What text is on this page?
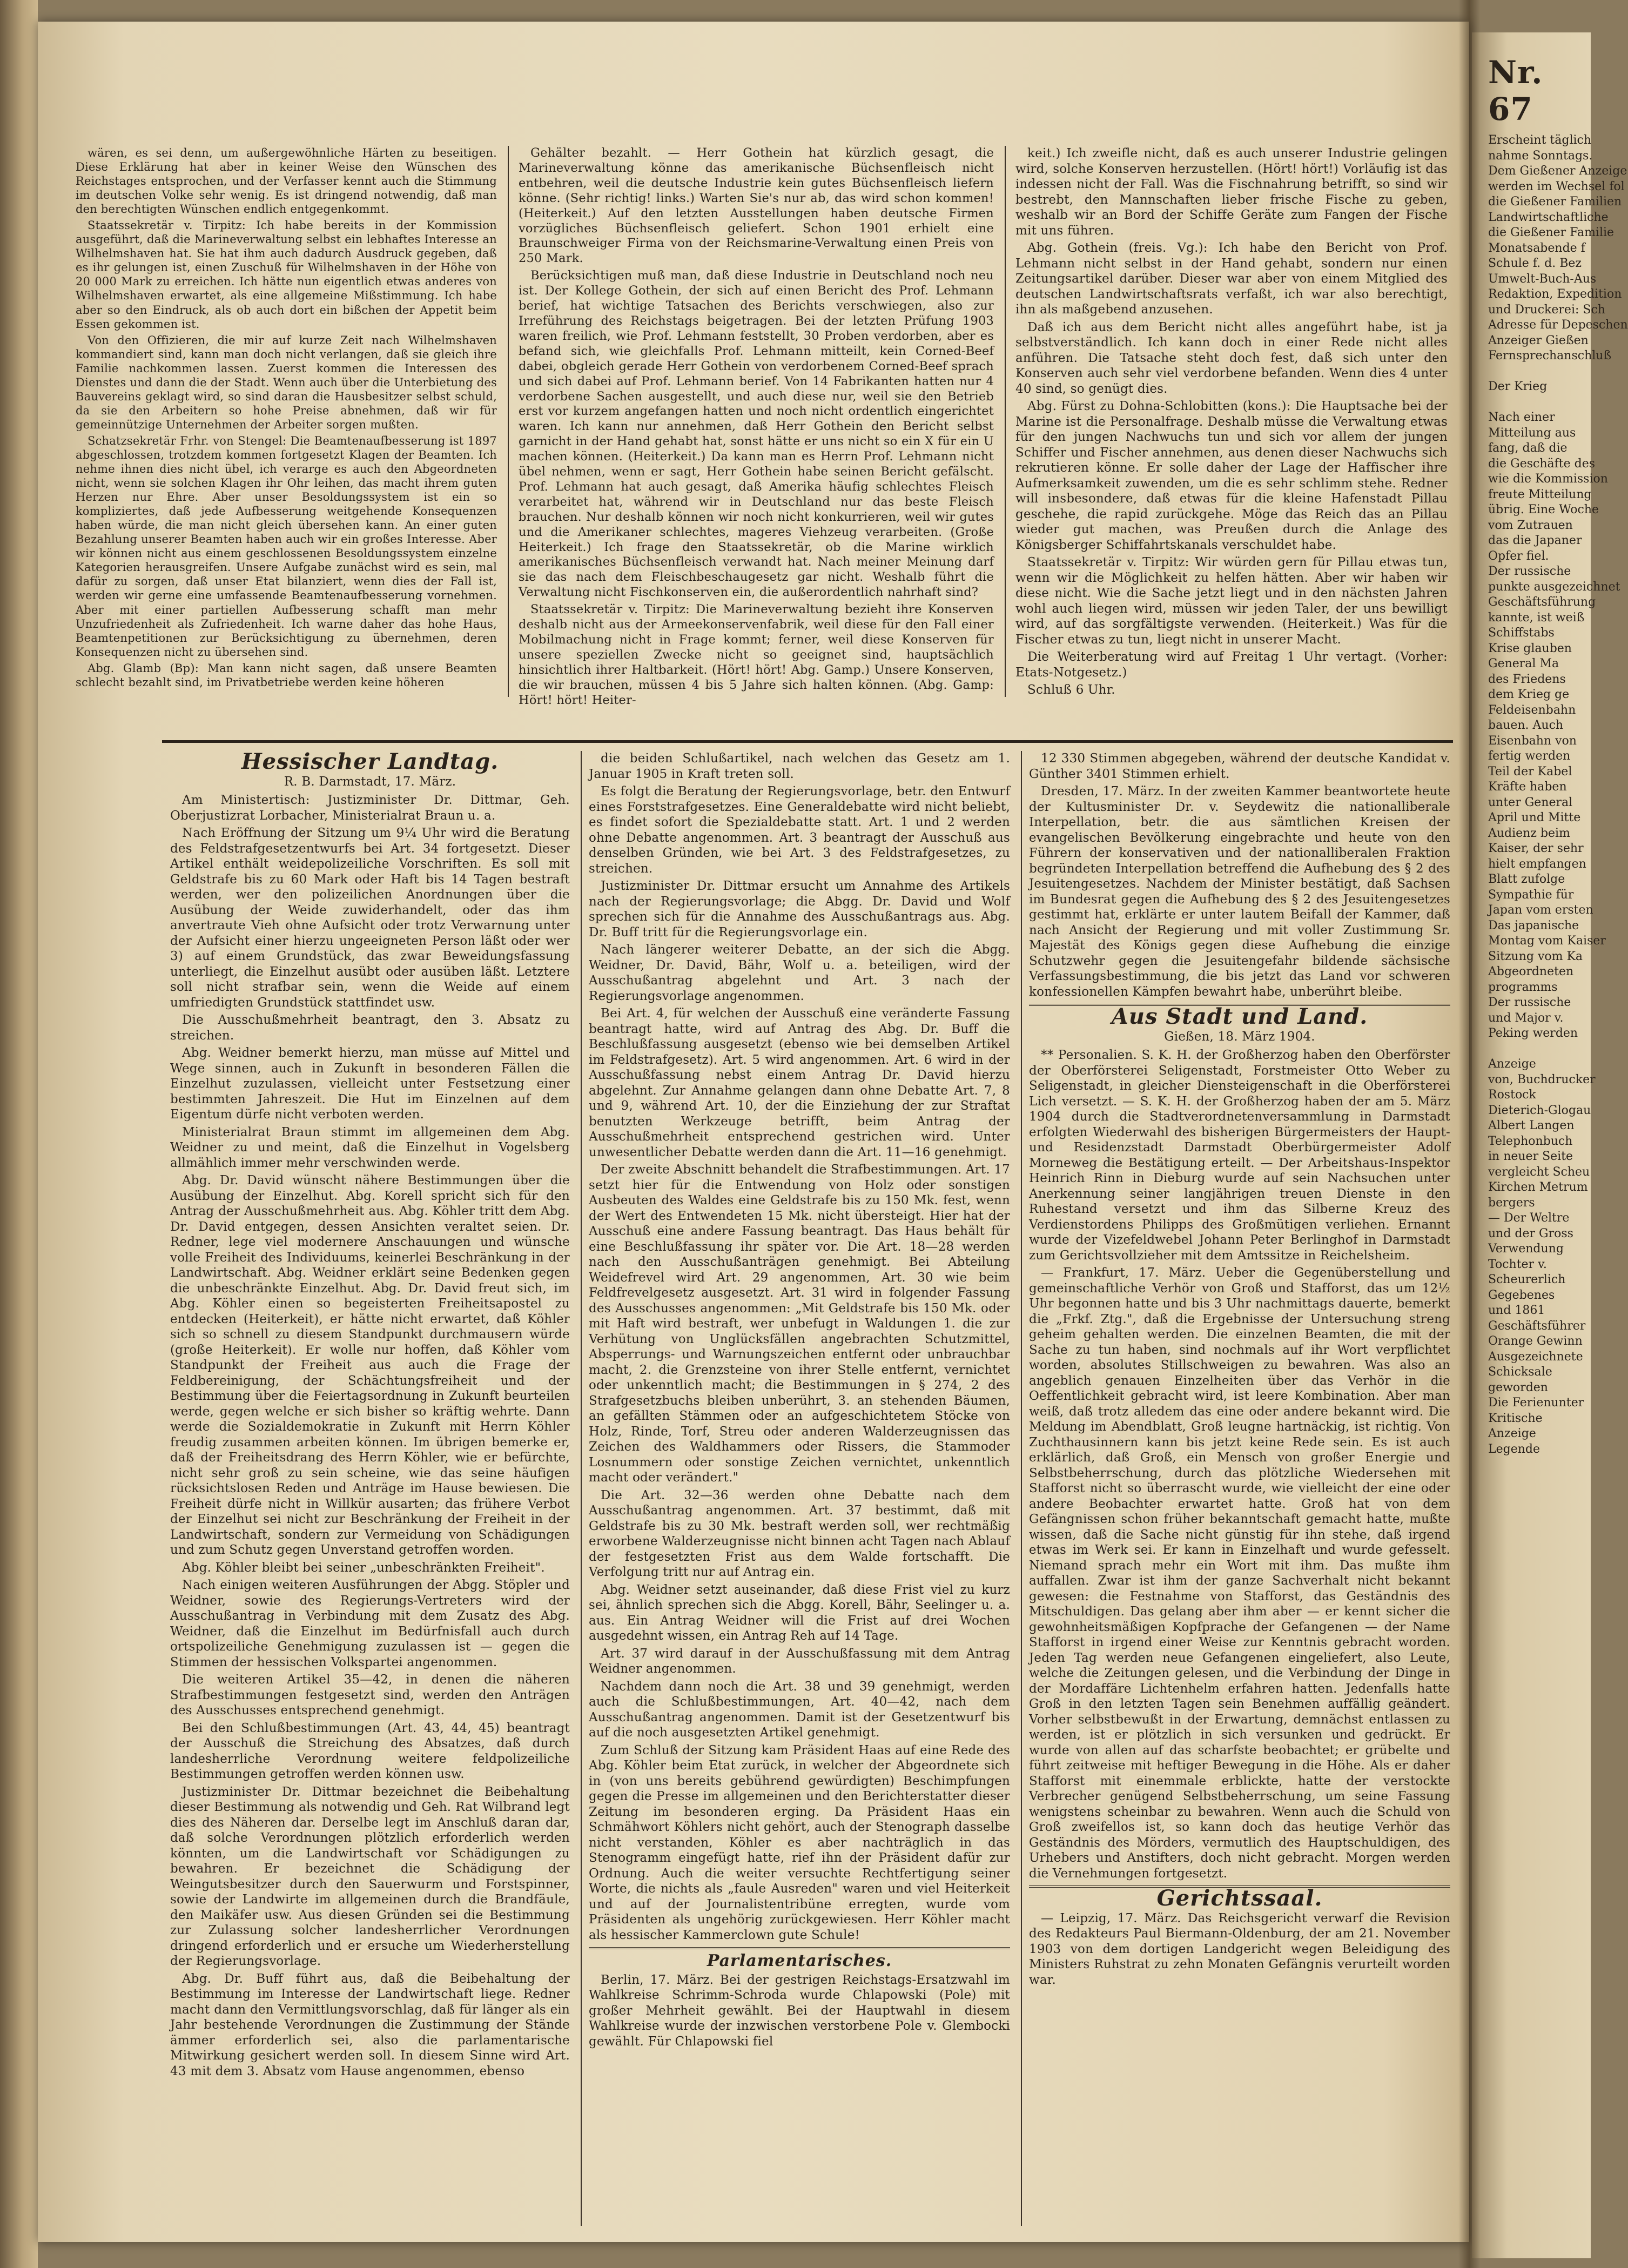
Nr. 67
Erscheint täglich
nahme Sonntags.
Dem Gießener Anzeige
werden im Wechsel fol
die Gießener Familien
Landwirtschaftliche
die Gießener Familie
Monatsabende f
Schule f. d. Bez
Umwelt-Buch-Aus
Redaktion, Expedition
und Druckerei: Sch
Adresse für Depeschen
Anzeiger Gießen
Fernsprechanschluß

Der Krieg

Nach einer
Mitteilung aus
fang, daß die
die Geschäfte des
wie die Kommission
freute Mitteilung
übrig. Eine Woche
vom Zutrauen
das die Japaner
Opfer fiel.
Der russische
punkte ausgezeichnet
Geschäftsführung
kannte, ist weiß
Schiffstabs
Krise glauben
General Ma
des Friedens
dem Krieg ge
Feldeisenbahn
bauen. Auch
Eisenbahn von
fertig werden
Teil der Kabel
Kräfte haben
unter General
April und Mitte
Audienz beim
Kaiser, der sehr
hielt empfangen
Blatt zufolge
Sympathie für
Japan vom ersten
Das japanische
Montag vom Kaiser
Sitzung vom Ka
Abgeordneten
programms
Der russische
und Major v.
Peking werden

Anzeige
von, Buchdrucker
Rostock
Dieterich-Glogau
Albert Langen
Telephonbuch
in neuer Seite
vergleicht Scheu
Kirchen Metrum
bergers
— Der Weltre
und der Gross
Verwendung
Tochter v.
Scheurerlich
Gegebenes
und 1861
Geschäftsführer
Orange Gewinn
Ausgezeichnete
Schicksale
geworden
Die Ferienunter
Kritische
Anzeige
Legende

wären, es sei denn, um außergewöhnliche Härten zu beseitigen. Diese Erklärung hat aber in keiner Weise den Wünschen des Reichstages entsprochen, und der Verfasser kennt auch die Stimmung im deutschen Volke sehr wenig. Es ist dringend notwendig, daß man den berechtigten Wünschen endlich entgegenkommt.

Staatssekretär v. Tirpitz: Ich habe bereits in der Kommission ausgeführt, daß die Marineverwaltung selbst ein lebhaftes Interesse an Wilhelmshaven hat. Sie hat ihm auch dadurch Ausdruck gegeben, daß es ihr gelungen ist, einen Zuschuß für Wilhelmshaven in der Höhe von 20 000 Mark zu erreichen. Ich hätte nun eigentlich etwas anderes von Wilhelmshaven erwartet, als eine allgemeine Mißstimmung. Ich habe aber so den Eindruck, als ob auch dort ein bißchen der Appetit beim Essen gekommen ist.

Von den Offizieren, die mir auf kurze Zeit nach Wilhelmshaven kommandiert sind, kann man doch nicht verlangen, daß sie gleich ihre Familie nachkommen lassen. Zuerst kommen die Interessen des Dienstes und dann die der Stadt. Wenn auch über die Unterbietung des Bauvereins geklagt wird, so sind daran die Hausbesitzer selbst schuld, da sie den Arbeitern so hohe Preise abnehmen, daß wir für gemeinnützige Unternehmen der Arbeiter sorgen mußten.

Schatzsekretär Frhr. von Stengel: Die Beamtenaufbesserung ist 1897 abgeschlossen, trotzdem kommen fortgesetzt Klagen der Beamten. Ich nehme ihnen dies nicht übel, ich verarge es auch den Abgeordneten nicht, wenn sie solchen Klagen ihr Ohr leihen, das macht ihrem guten Herzen nur Ehre. Aber unser Besoldungssystem ist ein so kompliziertes, daß jede Aufbesserung weitgehende Konsequenzen haben würde, die man nicht gleich übersehen kann. An einer guten Bezahlung unserer Beamten haben auch wir ein großes Interesse. Aber wir können nicht aus einem geschlossenen Besoldungssystem einzelne Kategorien herausgreifen. Unsere Aufgabe zunächst wird es sein, mal dafür zu sorgen, daß unser Etat bilanziert, wenn dies der Fall ist, werden wir gerne eine umfassende Beamtenaufbesserung vornehmen. Aber mit einer partiellen Aufbesserung schafft man mehr Unzufriedenheit als Zufriedenheit. Ich warne daher das hohe Haus, Beamtenpetitionen zur Berücksichtigung zu übernehmen, deren Konsequenzen nicht zu übersehen sind.

Abg. Glamb (Bp): Man kann nicht sagen, daß unsere Beamten schlecht bezahlt sind, im Privatbetriebe werden keine höheren

Gehälter bezahlt. — Herr Gothein hat kürzlich gesagt, die Marineverwaltung könne das amerikanische Büchsenfleisch nicht entbehren, weil die deutsche Industrie kein gutes Büchsenfleisch liefern könne. (Sehr richtig! links.) Warten Sie's nur ab, das wird schon kommen! (Heiterkeit.) Auf den letzten Ausstellungen haben deutsche Firmen vorzügliches Büchsenfleisch geliefert. Schon 1901 erhielt eine Braunschweiger Firma von der Reichsmarine-Verwaltung einen Preis von 250 Mark.

Berücksichtigen muß man, daß diese Industrie in Deutschland noch neu ist. Der Kollege Gothein, der sich auf einen Bericht des Prof. Lehmann berief, hat wichtige Tatsachen des Berichts verschwiegen, also zur Irreführung des Reichstags beigetragen. Bei der letzten Prüfung 1903 waren freilich, wie Prof. Lehmann feststellt, 30 Proben verdorben, aber es befand sich, wie gleichfalls Prof. Lehmann mitteilt, kein Corned-Beef dabei, obgleich gerade Herr Gothein von verdorbenem Corned-Beef sprach und sich dabei auf Prof. Lehmann berief. Von 14 Fabrikanten hatten nur 4 verdorbene Sachen ausgestellt, und auch diese nur, weil sie den Betrieb erst vor kurzem angefangen hatten und noch nicht ordentlich eingerichtet waren. Ich kann nur annehmen, daß Herr Gothein den Bericht selbst garnicht in der Hand gehabt hat, sonst hätte er uns nicht so ein X für ein U machen können. (Heiterkeit.) Da kann man es Herrn Prof. Lehmann nicht übel nehmen, wenn er sagt, Herr Gothein habe seinen Bericht gefälscht. Prof. Lehmann hat auch gesagt, daß Amerika häufig schlechtes Fleisch verarbeitet hat, während wir in Deutschland nur das beste Fleisch brauchen. Nur deshalb können wir noch nicht konkurrieren, weil wir gutes und die Amerikaner schlechtes, mageres Viehzeug verarbeiten. (Große Heiterkeit.) Ich frage den Staatssekretär, ob die Marine wirklich amerikanisches Büchsenfleisch verwandt hat. Nach meiner Meinung darf sie das nach dem Fleischbeschaugesetz gar nicht. Weshalb führt die Verwaltung nicht Fischkonserven ein, die außerordentlich nahrhaft sind?

Staatssekretär v. Tirpitz: Die Marineverwaltung bezieht ihre Konserven deshalb nicht aus der Armeekonservenfabrik, weil diese für den Fall einer Mobilmachung nicht in Frage kommt; ferner, weil diese Konserven für unsere speziellen Zwecke nicht so geeignet sind, hauptsächlich hinsichtlich ihrer Haltbarkeit. (Hört! hört! Abg. Gamp.) Unsere Konserven, die wir brauchen, müssen 4 bis 5 Jahre sich halten können. (Abg. Gamp: Hört! hört! Heiter-

keit.) Ich zweifle nicht, daß es auch unserer Industrie gelingen wird, solche Konserven herzustellen. (Hört! hört!) Vorläufig ist das indessen nicht der Fall. Was die Fischnahrung betrifft, so sind wir bestrebt, den Mannschaften lieber frische Fische zu geben, weshalb wir an Bord der Schiffe Geräte zum Fangen der Fische mit uns führen.

Abg. Gothein (freis. Vg.): Ich habe den Bericht von Prof. Lehmann nicht selbst in der Hand gehabt, sondern nur einen Zeitungsartikel darüber. Dieser war aber von einem Mitglied des deutschen Landwirtschaftsrats verfaßt, ich war also berechtigt, ihn als maßgebend anzusehen.

Daß ich aus dem Bericht nicht alles angeführt habe, ist ja selbstverständlich. Ich kann doch in einer Rede nicht alles anführen. Die Tatsache steht doch fest, daß sich unter den Konserven auch sehr viel verdorbene befanden. Wenn dies 4 unter 40 sind, so genügt dies.

Abg. Fürst zu Dohna-Schlobitten (kons.): Die Hauptsache bei der Marine ist die Personalfrage. Deshalb müsse die Verwaltung etwas für den jungen Nachwuchs tun und sich vor allem der jungen Schiffer und Fischer annehmen, aus denen dieser Nachwuchs sich rekrutieren könne. Er solle daher der Lage der Haffischer ihre Aufmerksamkeit zuwenden, um die es sehr schlimm stehe. Redner will insbesondere, daß etwas für die kleine Hafenstadt Pillau geschehe, die rapid zurückgehe. Möge das Reich das an Pillau wieder gut machen, was Preußen durch die Anlage des Königsberger Schiffahrtskanals verschuldet habe.

Staatssekretär v. Tirpitz: Wir würden gern für Pillau etwas tun, wenn wir die Möglichkeit zu helfen hätten. Aber wir haben wir diese nicht. Wie die Sache jetzt liegt und in den nächsten Jahren wohl auch liegen wird, müssen wir jeden Taler, der uns bewilligt wird, auf das sorgfältigste verwenden. (Heiterkeit.) Was für die Fischer etwas zu tun, liegt nicht in unserer Macht.

Die Weiterberatung wird auf Freitag 1 Uhr vertagt. (Vorher: Etats-Notgesetz.)

Schluß 6 Uhr.

Hessischer Landtag.
R. B. Darmstadt, 17. März.

Am Ministertisch: Justizminister Dr. Dittmar, Geh. Oberjustizrat Lorbacher, Ministerialrat Braun u. a.

Nach Eröffnung der Sitzung um 9¼ Uhr wird die Beratung des Feldstrafgesetzentwurfs bei Art. 34 fortgesetzt. Dieser Artikel enthält weidepolizeiliche Vorschriften. Es soll mit Geldstrafe bis zu 60 Mark oder Haft bis 14 Tagen bestraft werden, wer den polizeilichen Anordnungen über die Ausübung der Weide zuwiderhandelt, oder das ihm anvertraute Vieh ohne Aufsicht oder trotz Verwarnung unter der Aufsicht einer hierzu ungeeigneten Person läßt oder wer 3) auf einem Grundstück, das zwar Beweidungsfassung unterliegt, die Einzelhut ausübt oder ausüben läßt. Letztere soll nicht strafbar sein, wenn die Weide auf einem umfriedigten Grundstück stattfindet usw.

Die Ausschußmehrheit beantragt, den 3. Absatz zu streichen.

Abg. Weidner bemerkt hierzu, man müsse auf Mittel und Wege sinnen, auch in Zukunft in besonderen Fällen die Einzelhut zuzulassen, vielleicht unter Festsetzung einer bestimmten Jahreszeit. Die Hut im Einzelnen auf dem Eigentum dürfe nicht verboten werden.

Ministerialrat Braun stimmt im allgemeinen dem Abg. Weidner zu und meint, daß die Einzelhut in Vogelsberg allmählich immer mehr verschwinden werde.

Abg. Dr. David wünscht nähere Bestimmungen über die Ausübung der Einzelhut. Abg. Korell spricht sich für den Antrag der Ausschußmehrheit aus. Abg. Köhler tritt dem Abg. Dr. David entgegen, dessen Ansichten veraltet seien. Dr. Redner, lege viel modernere Anschauungen und wünsche volle Freiheit des Individuums, keinerlei Beschränkung in der Landwirtschaft. Abg. Weidner erklärt seine Bedenken gegen die unbeschränkte Einzelhut. Abg. Dr. David freut sich, im Abg. Köhler einen so begeisterten Freiheitsapostel zu entdecken (Heiterkeit), er hätte nicht erwartet, daß Köhler sich so schnell zu diesem Standpunkt durchmausern würde (große Heiterkeit). Er wolle nur hoffen, daß Köhler vom Standpunkt der Freiheit aus auch die Frage der Feldbereinigung, der Schächtungsfreiheit und der Bestimmung über die Feiertagsordnung in Zukunft beurteilen werde, gegen welche er sich bisher so kräftig wehrte. Dann werde die Sozialdemokratie in Zukunft mit Herrn Köhler freudig zusammen arbeiten können. Im übrigen bemerke er, daß der Freiheitsdrang des Herrn Köhler, wie er befürchte, nicht sehr groß zu sein scheine, wie das seine häufigen rücksichtslosen Reden und Anträge im Hause bewiesen. Die Freiheit dürfe nicht in Willkür ausarten; das frühere Verbot der Einzelhut sei nicht zur Beschränkung der Freiheit in der Landwirtschaft, sondern zur Vermeidung von Schädigungen und zum Schutz gegen Unverstand getroffen worden.

Abg. Köhler bleibt bei seiner „unbeschränkten Freiheit".

Nach einigen weiteren Ausführungen der Abgg. Stöpler und Weidner, sowie des Regierungs-Vertreters wird der Ausschußantrag in Verbindung mit dem Zusatz des Abg. Weidner, daß die Einzelhut im Bedürfnisfall auch durch ortspolizeiliche Genehmigung zuzulassen ist — gegen die Stimmen der hessischen Volkspartei angenommen.

Die weiteren Artikel 35—42, in denen die näheren Strafbestimmungen festgesetzt sind, werden den Anträgen des Ausschusses entsprechend genehmigt.

Bei den Schlußbestimmungen (Art. 43, 44, 45) beantragt der Ausschuß die Streichung des Absatzes, daß durch landesherrliche Verordnung weitere feldpolizeiliche Bestimmungen getroffen werden können usw.

Justizminister Dr. Dittmar bezeichnet die Beibehaltung dieser Bestimmung als notwendig und Geh. Rat Wilbrand legt dies des Näheren dar. Derselbe legt im Anschluß daran dar, daß solche Verordnungen plötzlich erforderlich werden könnten, um die Landwirtschaft vor Schädigungen zu bewahren. Er bezeichnet die Schädigung der Weingutsbesitzer durch den Sauerwurm und Forstspinner, sowie der Landwirte im allgemeinen durch die Brandfäule, den Maikäfer usw. Aus diesen Gründen sei die Bestimmung zur Zulassung solcher landesherrlicher Verordnungen dringend erforderlich und er ersuche um Wiederherstellung der Regierungsvorlage.

Abg. Dr. Buff führt aus, daß die Beibehaltung der Bestimmung im Interesse der Landwirtschaft liege. Redner macht dann den Vermittlungsvorschlag, daß für länger als ein Jahr bestehende Verordnungen die Zustimmung der Stände ämmer erforderlich sei, also die parlamentarische Mitwirkung gesichert werden soll. In diesem Sinne wird Art. 43 mit dem 3. Absatz vom Hause angenommen, ebenso

die beiden Schlußartikel, nach welchen das Gesetz am 1. Januar 1905 in Kraft treten soll.

Es folgt die Beratung der Regierungsvorlage, betr. den Entwurf eines Forststrafgesetzes. Eine Generaldebatte wird nicht beliebt, es findet sofort die Spezialdebatte statt. Art. 1 und 2 werden ohne Debatte angenommen. Art. 3 beantragt der Ausschuß aus denselben Gründen, wie bei Art. 3 des Feldstrafgesetzes, zu streichen.

Justizminister Dr. Dittmar ersucht um Annahme des Artikels nach der Regierungsvorlage; die Abgg. Dr. David und Wolf sprechen sich für die Annahme des Ausschußantrags aus. Abg. Dr. Buff tritt für die Regierungsvorlage ein.

Nach längerer weiterer Debatte, an der sich die Abgg. Weidner, Dr. David, Bähr, Wolf u. a. beteiligen, wird der Ausschußantrag abgelehnt und Art. 3 nach der Regierungsvorlage angenommen.

Bei Art. 4, für welchen der Ausschuß eine veränderte Fassung beantragt hatte, wird auf Antrag des Abg. Dr. Buff die Beschlußfassung ausgesetzt (ebenso wie bei demselben Artikel im Feldstrafgesetz). Art. 5 wird angenommen. Art. 6 wird in der Ausschußfassung nebst einem Antrag Dr. David hierzu abgelehnt. Zur Annahme gelangen dann ohne Debatte Art. 7, 8 und 9, während Art. 10, der die Einziehung der zur Straftat benutzten Werkzeuge betrifft, beim Antrag der Ausschußmehrheit entsprechend gestrichen wird. Unter unwesentlicher Debatte werden dann die Art. 11—16 genehmigt.

Der zweite Abschnitt behandelt die Strafbestimmungen. Art. 17 setzt hier für die Entwendung von Holz oder sonstigen Ausbeuten des Waldes eine Geldstrafe bis zu 150 Mk. fest, wenn der Wert des Entwendeten 15 Mk. nicht übersteigt. Hier hat der Ausschuß eine andere Fassung beantragt. Das Haus behält für eine Beschlußfassung ihr später vor. Die Art. 18—28 werden nach den Ausschußanträgen genehmigt. Bei Abteilung Weidefrevel wird Art. 29 angenommen, Art. 30 wie beim Feldfrevelgesetz ausgesetzt. Art. 31 wird in folgender Fassung des Ausschusses angenommen: „Mit Geldstrafe bis 150 Mk. oder mit Haft wird bestraft, wer unbefugt in Waldungen 1. die zur Verhütung von Unglücksfällen angebrachten Schutzmittel, Absperrungs- und Warnungszeichen entfernt oder unbrauchbar macht, 2. die Grenzsteine von ihrer Stelle entfernt, vernichtet oder unkenntlich macht; die Bestimmungen in § 274, 2 des Strafgesetzbuchs bleiben unberührt, 3. an stehenden Bäumen, an gefällten Stämmen oder an aufgeschichtetem Stöcke von Holz, Rinde, Torf, Streu oder anderen Walderzeugnissen das Zeichen des Waldhammers oder Rissers, die Stammoder Losnummern oder sonstige Zeichen vernichtet, unkenntlich macht oder verändert."

Die Art. 32—36 werden ohne Debatte nach dem Ausschußantrag angenommen. Art. 37 bestimmt, daß mit Geldstrafe bis zu 30 Mk. bestraft werden soll, wer rechtmäßig erworbene Walderzeugnisse nicht binnen acht Tagen nach Ablauf der festgesetzten Frist aus dem Walde fortschafft. Die Verfolgung tritt nur auf Antrag ein.

Abg. Weidner setzt auseinander, daß diese Frist viel zu kurz sei, ähnlich sprechen sich die Abgg. Korell, Bähr, Seelinger u. a. aus. Ein Antrag Weidner will die Frist auf drei Wochen ausgedehnt wissen, ein Antrag Reh auf 14 Tage.

Art. 37 wird darauf in der Ausschußfassung mit dem Antrag Weidner angenommen.

Nachdem dann noch die Art. 38 und 39 genehmigt, werden auch die Schlußbestimmungen, Art. 40—42, nach dem Ausschußantrag angenommen. Damit ist der Gesetzentwurf bis auf die noch ausgesetzten Artikel genehmigt.

Zum Schluß der Sitzung kam Präsident Haas auf eine Rede des Abg. Köhler beim Etat zurück, in welcher der Abgeordnete sich in (von uns bereits gebührend gewürdigten) Beschimpfungen gegen die Presse im allgemeinen und den Berichterstatter dieser Zeitung im besonderen erging. Da Präsident Haas ein Schmähwort Köhlers nicht gehört, auch der Stenograph dasselbe nicht verstanden, Köhler es aber nachträglich in das Stenogramm eingefügt hatte, rief ihn der Präsident dafür zur Ordnung. Auch die weiter versuchte Rechtfertigung seiner Worte, die nichts als „faule Ausreden" waren und viel Heiterkeit und auf der Journalistentribüne erregten, wurde vom Präsidenten als ungehörig zurückgewiesen. Herr Köhler macht als hessischer Kammerclown gute Schule!

Parlamentarisches.

Berlin, 17. März. Bei der gestrigen Reichstags-Ersatzwahl im Wahlkreise Schrimm-Schroda wurde Chlapowski (Pole) mit großer Mehrheit gewählt. Bei der Hauptwahl in diesem Wahlkreise wurde der inzwischen verstorbene Pole v. Glembocki gewählt. Für Chlapowski fiel

12 330 Stimmen abgegeben, während der deutsche Kandidat v. Günther 3401 Stimmen erhielt.

Dresden, 17. März. In der zweiten Kammer beantwortete heute der Kultusminister Dr. v. Seydewitz die nationalliberale Interpellation, betr. die aus sämtlichen Kreisen der evangelischen Bevölkerung eingebrachte und heute von den Führern der konservativen und der nationalliberalen Fraktion begründeten Interpellation betreffend die Aufhebung des § 2 des Jesuitengesetzes. Nachdem der Minister bestätigt, daß Sachsen im Bundesrat gegen die Aufhebung des § 2 des Jesuitengesetzes gestimmt hat, erklärte er unter lautem Beifall der Kammer, daß nach Ansicht der Regierung und mit voller Zustimmung Sr. Majestät des Königs gegen diese Aufhebung die einzige Schutzwehr gegen die Jesuitengefahr bildende sächsische Verfassungsbestimmung, die bis jetzt das Land vor schweren konfessionellen Kämpfen bewahrt habe, unberührt bleibe.

Aus Stadt und Land.
Gießen, 18. März 1904.

** Personalien. S. K. H. der Großherzog haben den Oberförster der Oberförsterei Seligenstadt, Forstmeister Otto Weber zu Seligenstadt, in gleicher Diensteigenschaft in die Oberförsterei Lich versetzt. — S. K. H. der Großherzog haben der am 5. März 1904 durch die Stadtverordnetenversammlung in Darmstadt erfolgten Wiederwahl des bisherigen Bürgermeisters der Haupt- und Residenzstadt Darmstadt Oberbürgermeister Adolf Morneweg die Bestätigung erteilt. — Der Arbeitshaus-Inspektor Heinrich Rinn in Dieburg wurde auf sein Nachsuchen unter Anerkennung seiner langjährigen treuen Dienste in den Ruhestand versetzt und ihm das Silberne Kreuz des Verdienstordens Philipps des Großmütigen verliehen. Ernannt wurde der Vizefeldwebel Johann Peter Berlinghof in Darmstadt zum Gerichtsvollzieher mit dem Amtssitze in Reichelsheim.

— Frankfurt, 17. März. Ueber die Gegenüberstellung und gemeinschaftliche Verhör von Groß und Stafforst, das um 12½ Uhr begonnen hatte und bis 3 Uhr nachmittags dauerte, bemerkt die „Frkf. Ztg.", daß die Ergebnisse der Untersuchung streng geheim gehalten werden. Die einzelnen Beamten, die mit der Sache zu tun haben, sind nochmals auf ihr Wort verpflichtet worden, absolutes Stillschweigen zu bewahren. Was also an angeblich genauen Einzelheiten über das Verhör in die Oeffentlichkeit gebracht wird, ist leere Kombination. Aber man weiß, daß trotz alledem das eine oder andere bekannt wird. Die Meldung im Abendblatt, Groß leugne hartnäckig, ist richtig. Von Zuchthausinnern kann bis jetzt keine Rede sein. Es ist auch erklärlich, daß Groß, ein Mensch von großer Energie und Selbstbeherrschung, durch das plötzliche Wiedersehen mit Stafforst nicht so überrascht wurde, wie vielleicht der eine oder andere Beobachter erwartet hatte. Groß hat von dem Gefängnissen schon früher bekanntschaft gemacht hatte, mußte wissen, daß die Sache nicht günstig für ihn stehe, daß irgend etwas im Werk sei. Er kann in Einzelhaft und wurde gefesselt. Niemand sprach mehr ein Wort mit ihm. Das mußte ihm auffallen. Zwar ist ihm der ganze Sachverhalt nicht bekannt gewesen: die Festnahme von Stafforst, das Geständnis des Mitschuldigen. Das gelang aber ihm aber — er kennt sicher die gewohnheitsmäßigen Kopfprache der Gefangenen — der Name Stafforst in irgend einer Weise zur Kenntnis gebracht worden. Jeden Tag werden neue Gefangenen eingeliefert, also Leute, welche die Zeitungen gelesen, und die Verbindung der Dinge in der Mordaffäre Lichtenhelm erfahren hatten. Jedenfalls hatte Groß in den letzten Tagen sein Benehmen auffällig geändert. Vorher selbstbewußt in der Erwartung, demnächst entlassen zu werden, ist er plötzlich in sich versunken und gedrückt. Er wurde von allen auf das scharfste beobachtet; er grübelte und führt zeitweise mit heftiger Bewegung in die Höhe. Als er daher Stafforst mit einemmale erblickte, hatte der verstockte Verbrecher genügend Selbstbeherrschung, um seine Fassung wenigstens scheinbar zu bewahren. Wenn auch die Schuld von Groß zweifellos ist, so kann doch das heutige Verhör das Geständnis des Mörders, vermutlich des Hauptschuldigen, des Urhebers und Anstifters, doch nicht gebracht. Morgen werden die Vernehmungen fortgesetzt.

Gerichtssaal.

— Leipzig, 17. März. Das Reichsgericht verwarf die Revision des Redakteurs Paul Biermann-Oldenburg, der am 21. November 1903 von dem dortigen Landgericht wegen Beleidigung des Ministers Ruhstrat zu zehn Monaten Gefängnis verurteilt worden war.
